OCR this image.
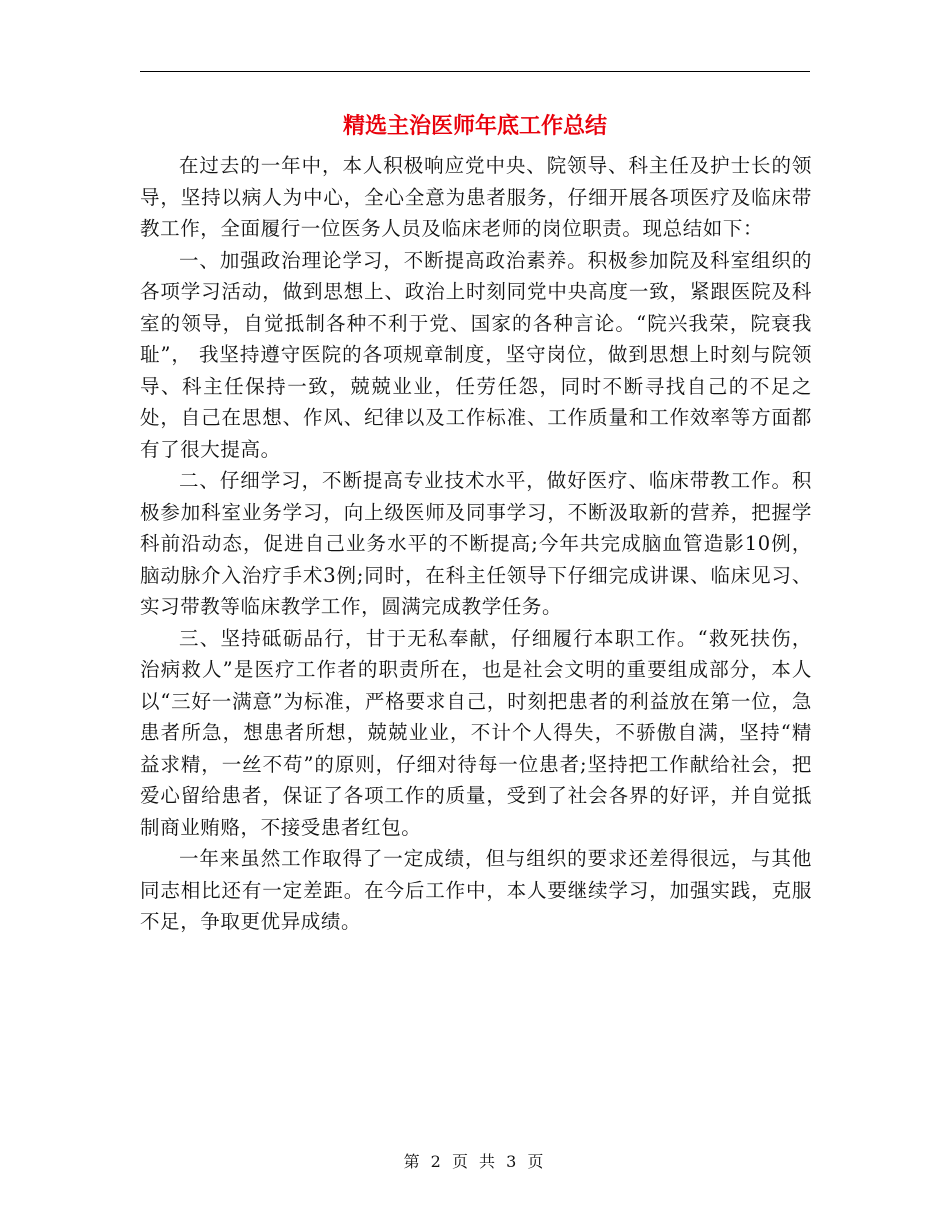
精选主治医师年底工作总结

在过去的一年中，本人积极响应党中央、院领导、科主任及护士长的领导，坚持以病人为中心，全心全意为患者服务，仔细开展各项医疗及临床带教工作，全面履行一位医务人员及临床老师的岗位职责。现总结如下：

一、加强政治理论学习，不断提高政治素养。积极参加院及科室组织的各项学习活动，做到思想上、政治上时刻同党中央高度一致，紧跟医院及科室的领导，自觉抵制各种不利于党、国家的各种言论。“院兴我荣，院衰我耻”， 我坚持遵守医院的各项规章制度，坚守岗位，做到思想上时刻与院领导、科主任保持一致，兢兢业业，任劳任怨，同时不断寻找自己的不足之处，自己在思想、作风、纪律以及工作标准、工作质量和工作效率等方面都有了很大提高。

二、仔细学习，不断提高专业技术水平，做好医疗、临床带教工作。积极参加科室业务学习，向上级医师及同事学习，不断汲取新的营养，把握学科前沿动态，促进自己业务水平的不断提高;今年共完成脑血管造影10例，脑动脉介入治疗手术3例;同时，在科主任领导下仔细完成讲课、临床见习、实习带教等临床教学工作，圆满完成教学任务。

三、坚持砥砺品行，甘于无私奉献，仔细履行本职工作。“救死扶伤，治病救人”是医疗工作者的职责所在，也是社会文明的重要组成部分，本人以“三好一满意”为标准，严格要求自己，时刻把患者的利益放在第一位，急患者所急，想患者所想，兢兢业业，不计个人得失，不骄傲自满，坚持“精益求精，一丝不苟”的原则，仔细对待每一位患者;坚持把工作献给社会，把爱心留给患者，保证了各项工作的质量，受到了社会各界的好评，并自觉抵制商业贿赂，不接受患者红包。

一年来虽然工作取得了一定成绩，但与组织的要求还差得很远，与其他同志相比还有一定差距。在今后工作中，本人要继续学习，加强实践，克服不足，争取更优异成绩。

第 2 页 共 3 页
